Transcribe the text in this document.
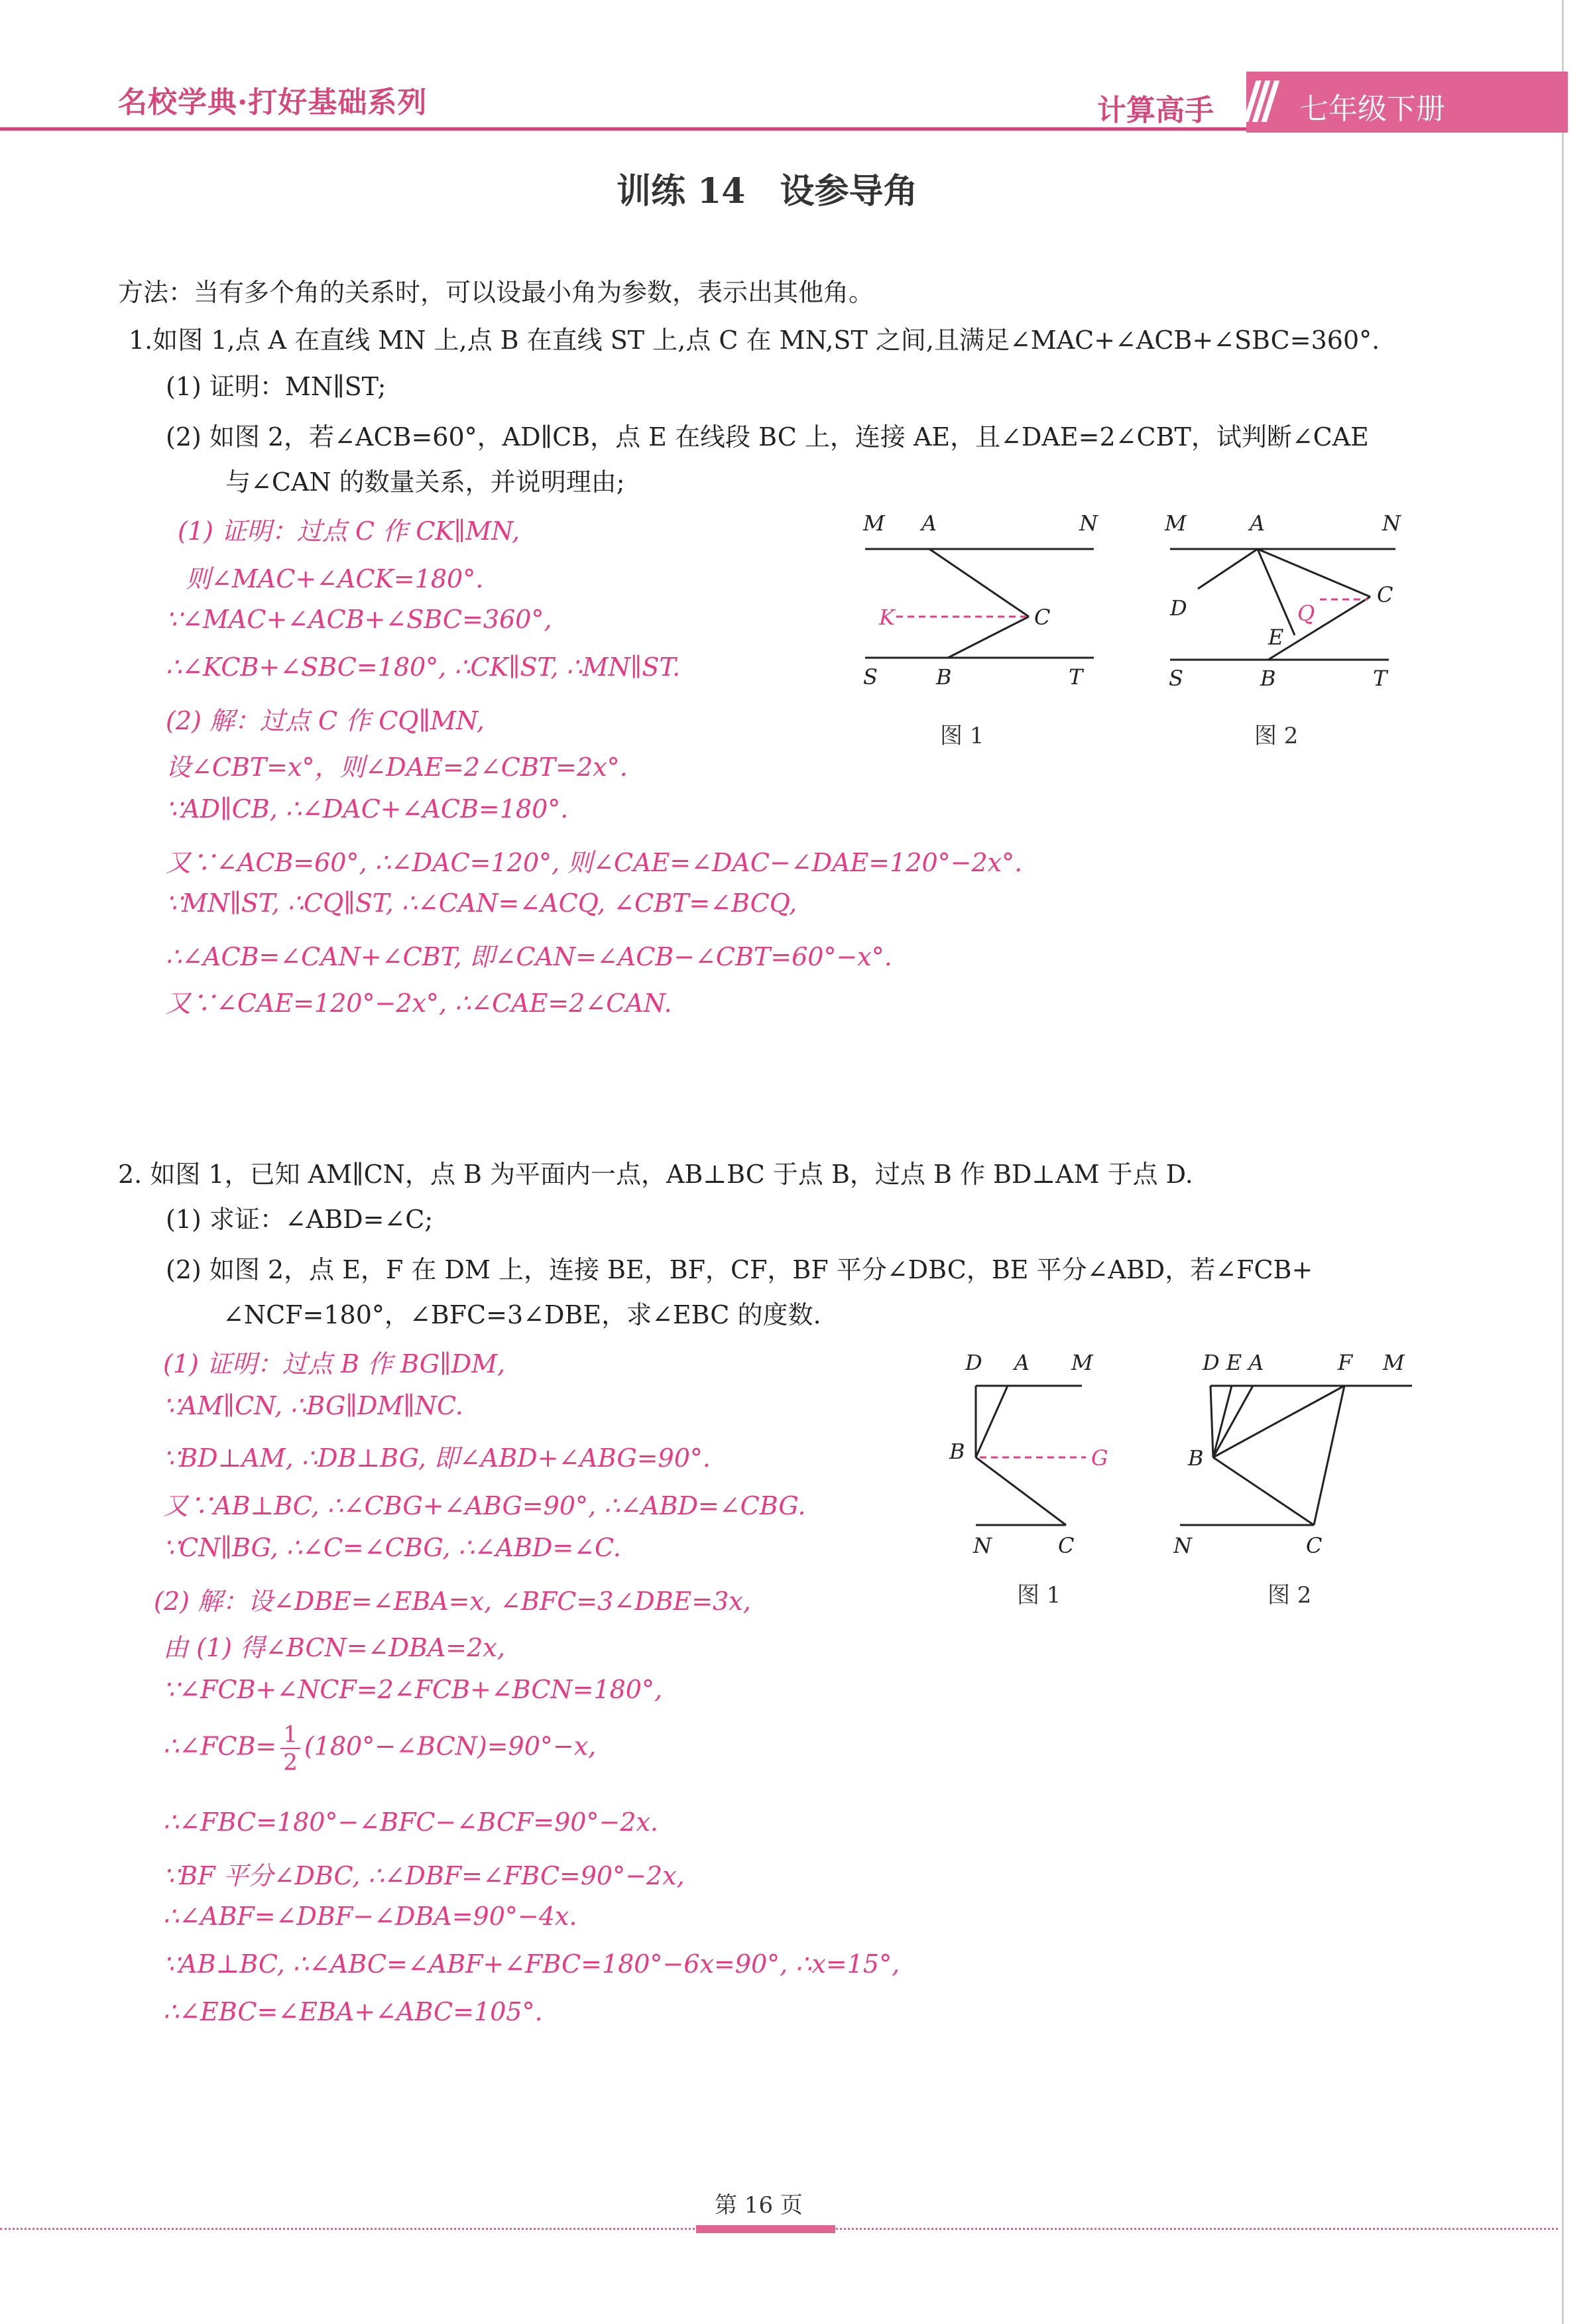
名校学典·打好基础系列	计算高手 /// 七年级下册
训练 14　设参导角
方法：当有多个角的关系时，可以设最小角为参数，表示出其他角。
1.如图 1,点 A 在直线 MN 上,点 B 在直线 ST 上,点 C 在 MN,ST 之间,且满足∠MAC+∠ACB+∠SBC=360°.
(1) 证明：MN∥ST;
(2) 如图 2，若∠ACB=60°，AD∥CB，点 E 在线段 BC 上，连接 AE，且∠DAE=2∠CBT，试判断∠CAE
与∠CAN 的数量关系，并说明理由;
(1) 证明：过点 C 作 CK∥MN,
则∠MAC+∠ACK=180°.
∵∠MAC+∠ACB+∠SBC=360°,
∴∠KCB+∠SBC=180°, ∴CK∥ST, ∴MN∥ST.
(2) 解：过点 C 作 CQ∥MN,
设∠CBT=x°，则∠DAE=2∠CBT=2x°.
∵AD∥CB, ∴∠DAC+∠ACB=180°.
又∵∠ACB=60°, ∴∠DAC=120°, 则∠CAE=∠DAC−∠DAE=120°−2x°.
∵MN∥ST, ∴CQ∥ST, ∴∠CAN=∠ACQ, ∠CBT=∠BCQ,
∴∠ACB=∠CAN+∠CBT, 即∠CAN=∠ACB−∠CBT=60°−x°.
又∵∠CAE=120°−2x°, ∴∠CAE=2∠CAN.
M A	N
K	C
S	B	T
图 1
M	A	N
D	Q
C
E
S	B	T
图 2
2. 如图 1，已知 AM∥CN，点 B 为平面内一点，AB⊥BC 于点 B，过点 B 作 BD⊥AM 于点 D.
(1) 求证：∠ABD=∠C;
(2) 如图 2，点 E，F 在 DM 上，连接 BE，BF，CF，BF 平分∠DBC，BE 平分∠ABD，若∠FCB+
∠NCF=180°，∠BFC=3∠DBE，求∠EBC 的度数.
(1) 证明：过点 B 作 BG∥DM,
∵AM∥CN, ∴BG∥DM∥NC.
∵BD⊥AM, ∴DB⊥BG, 即∠ABD+∠ABG=90°.
又∵AB⊥BC, ∴∠CBG+∠ABG=90°, ∴∠ABD=∠CBG.
∵CN∥BG, ∴∠C=∠CBG, ∴∠ABD=∠C.
(2) 解：设∠DBE=∠EBA=x, ∠BFC=3∠DBE=3x,
由 (1) 得∠BCN=∠DBA=2x,
∵∠FCB+∠NCF=2∠FCB+∠BCN=180°,
∴∠FCB= $\frac{1}{2}$ (180°−∠BCN)=90°−x,
∴∠FBC=180°−∠BFC−∠BCF=90°−2x.
∵BF 平分∠DBC, ∴∠DBF=∠FBC=90°−2x,
∴∠ABF=∠DBF−∠DBA=90°−4x.
∵AB⊥BC, ∴∠ABC=∠ABF+∠FBC=180°−6x=90°, ∴x=15°,
∴∠EBC=∠EBA+∠ABC=105°.
D A M
B	G
N	C
图 1
D E A	F M
B
N	C
图 2
第 16 页
